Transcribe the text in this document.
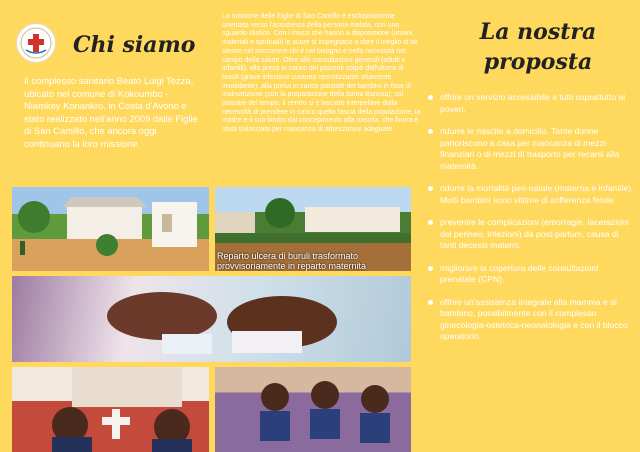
Chi siamo
Il complesso sanitario Beato Luigi Tezza, ubicato nel comune di Kokoumbo - Niamkey Konankro, in Costa d'Avorio è stato realizzato nell'anno 2009 dalle Figlie di San Camillo, che ancora oggi continuano la loro missione.
La missione delle Figlie di San Camillo è esclusivamente orientata verso l'assistenza della persona malata, con uno sguardo olistico. Con i mezzi che hanno a disposizione (umani, materiali e spirituali) le suore si impegnano a dare il meglio di sé stesse nel soccorrere chi è nel bisogno e nella necessità nel campo della salute. Oltre alle consultazioni generali (adulti e infantili), alla presa in carico dei pazienti colpiti dall'ulcera di buruli (grave infezione cutanea necrotizzante altamente invalidante), alla presa in carico parziale dei bambini in fase di malnutrizione (con la preparazione della farina Bamisa); col passare del tempo, il centro si è lasciato interpellare dalla necessità di prendere in carico quella fascia della popolazione, la madre e il suo bimbo dal concepimento alla nascita, che finora è stata tralasciata per mancanza di attrezzature adeguate.
La nostra proposta
offrire un servizio accessibile a tutti soprattutto ai poveri.
ridurre le nascite a domicilio. Tante donne partoriscono a casa per mancanza di mezzi finanziari o di mezzi di trasporto per recarsi alla maternità.
ridurre la mortalità peri-natale (materna e infantile). Molti bambini sono vittime di sofferenza fetale.
prevenire le complicazioni (emorragie, lacerazioni del perineo, infezioni) da post-partum, causa di tanti decessi materni.
migliorare la copertura delle consultazioni prenatale (CPN).
offrire un'assistenza integrale alla mamma e al bambino, possibilmente con il complesso ginecologia-ostetrica-neonatologia e con il blocco operatorio.
Reparto ulcera di buruli trasformato provvisoriamente in reparto maternità
